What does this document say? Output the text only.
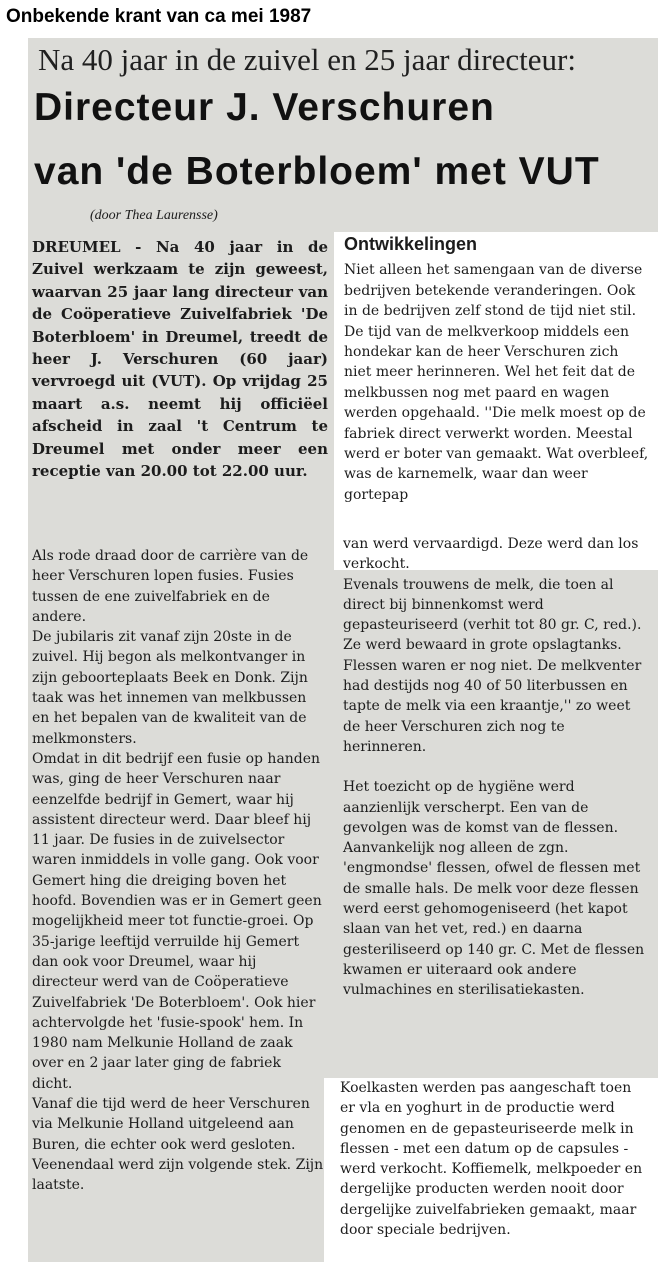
Onbekende krant van ca mei 1987
Na 40 jaar in de zuivel en 25 jaar directeur:
Directeur J. Verschuren
van 'de Boterbloem' met VUT
(door Thea Laurensse)
DREUMEL - Na 40 jaar in de Zuivel werkzaam te zijn geweest, waarvan 25 jaar lang directeur van de Coöperatieve Zuivelfabriek 'De Boterbloem' in Dreumel, treedt de heer J. Verschuren (60 jaar) vervroegd uit (VUT). Op vrijdag 25 maart a.s. neemt hij officiëel afscheid in zaal 't Centrum te Dreumel met onder meer een receptie van 20.00 tot 22.00 uur.
Ontwikkelingen

Niet alleen het samengaan van de diverse bedrijven betekende veranderingen. Ook in de bedrijven zelf stond de tijd niet stil. De tijd van de melkverkoop middels een hondekar kan de heer Verschuren zich niet meer herinneren. Wel het feit dat de melkbussen nog met paard en wagen werden opgehaald. ''Die melk moest op de fabriek direct verwerkt worden. Meestal werd er boter van gemaakt. Wat overbleef, was de karnemelk, waar dan weer gortepap

Als rode draad door de carrière van de heer Verschuren lopen fusies. Fusies tussen de ene zuivelfabriek en de andere.

De jubilaris zit vanaf zijn 20ste in de zuivel. Hij begon als melkontvanger in zijn geboorteplaats Beek en Donk. Zijn taak was het innemen van melkbussen en het bepalen van de kwaliteit van de melkmonsters.

Omdat in dit bedrijf een fusie op handen was, ging de heer Verschuren naar eenzelfde bedrijf in Gemert, waar hij assistent directeur werd. Daar bleef hij 11 jaar. De fusies in de zuivelsector waren inmiddels in volle gang. Ook voor Gemert hing die dreiging boven het hoofd. Bovendien was er in Gemert geen mogelijkheid meer tot functie-groei. Op 35-jarige leeftijd verruilde hij Gemert dan ook voor Dreumel, waar hij directeur werd van de Coöperatieve Zuivelfabriek 'De Boterbloem'. Ook hier achtervolgde het 'fusie-spook' hem. In 1980 nam Melkunie Holland de zaak over en 2 jaar later ging de fabriek dicht.

Vanaf die tijd werd de heer Verschuren via Melkunie Holland uitgeleend aan Buren, die echter ook werd gesloten. Veenendaal werd zijn volgende stek. Zijn laatste.

van werd vervaardigd. Deze werd dan los verkocht.

Evenals trouwens de melk, die toen al direct bij binnenkomst werd gepasteuriseerd (verhit tot 80 gr. C, red.).

Ze werd bewaard in grote opslagtanks. Flessen waren er nog niet. De melkventer had destijds nog 40 of 50 literbussen en tapte de melk via een kraantje,'' zo weet de heer Verschuren zich nog te herinneren.

Het toezicht op de hygiëne werd aanzienlijk verscherpt. Een van de gevolgen was de komst van de flessen.

Aanvankelijk nog alleen de zgn. 'engmondse' flessen, ofwel de flessen met de smalle hals. De melk voor deze flessen werd eerst gehomogeniseerd (het kapot slaan van het vet, red.) en daarna gesteriliseerd op 140 gr. C. Met de flessen kwamen er uiteraard ook andere vulmachines en sterilisatiekasten.

Koelkasten werden pas aangeschaft toen er vla en yoghurt in de productie werd genomen en de gepasteuriseerde melk in flessen - met een datum op de capsules - werd verkocht. Koffiemelk, melkpoeder en dergelijke producten werden nooit door dergelijke zuivelfabrieken gemaakt, maar door speciale bedrijven.
